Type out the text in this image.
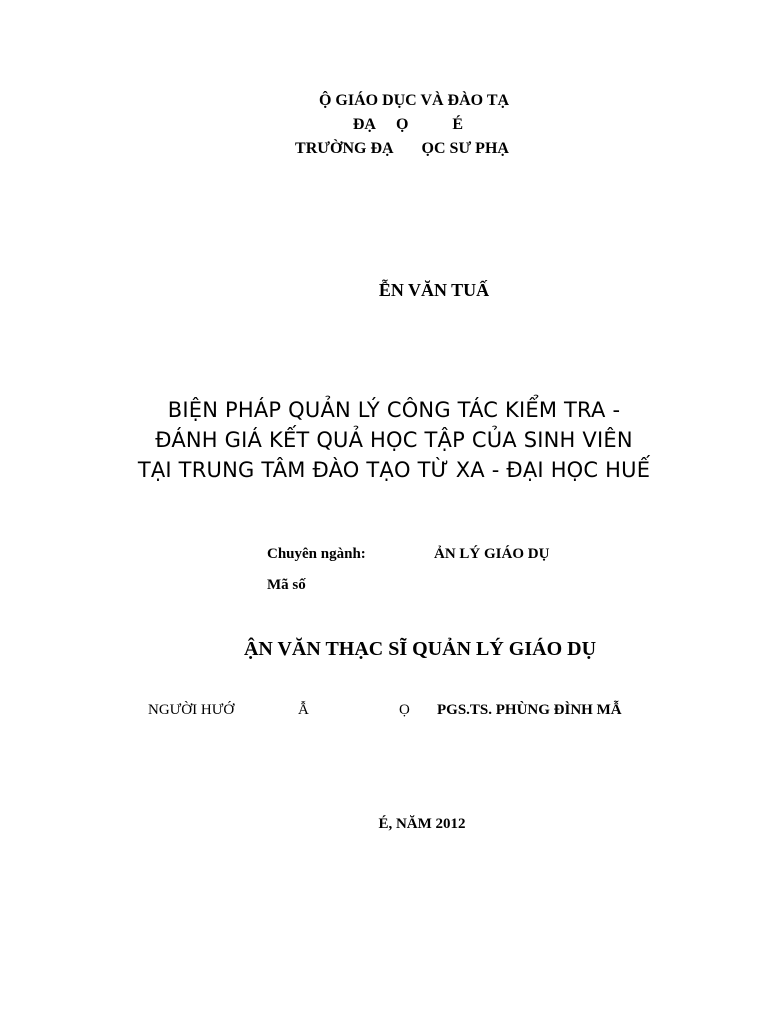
Ộ GIÁO DỤC VÀ ĐÀO TẠ
ĐẠ     Ọ           É
TRƯỜNG ĐẠ       ỌC SƯ PHẠ
ỄN VĂN TUẤ
BIỆN PHÁP QUẢN LÝ CÔNG TÁC KIỂM TRA -
ĐÁNH GIÁ KẾT QUẢ HỌC TẬP CỦA SINH VIÊN
TẠI TRUNG TÂM ĐÀO TẠO TỪ XA - ĐẠI HỌC HUẾ
Chuyên ngành:	ẢN LÝ GIÁO DỤ
Mã số
ẬN VĂN THẠC SĨ QUẢN LÝ GIÁO DỤ
NGƯỜI HƯỚ	Ẫ	Ọ PGS.TS. PHÙNG ĐÌNH MẪ
É, NĂM 2012
